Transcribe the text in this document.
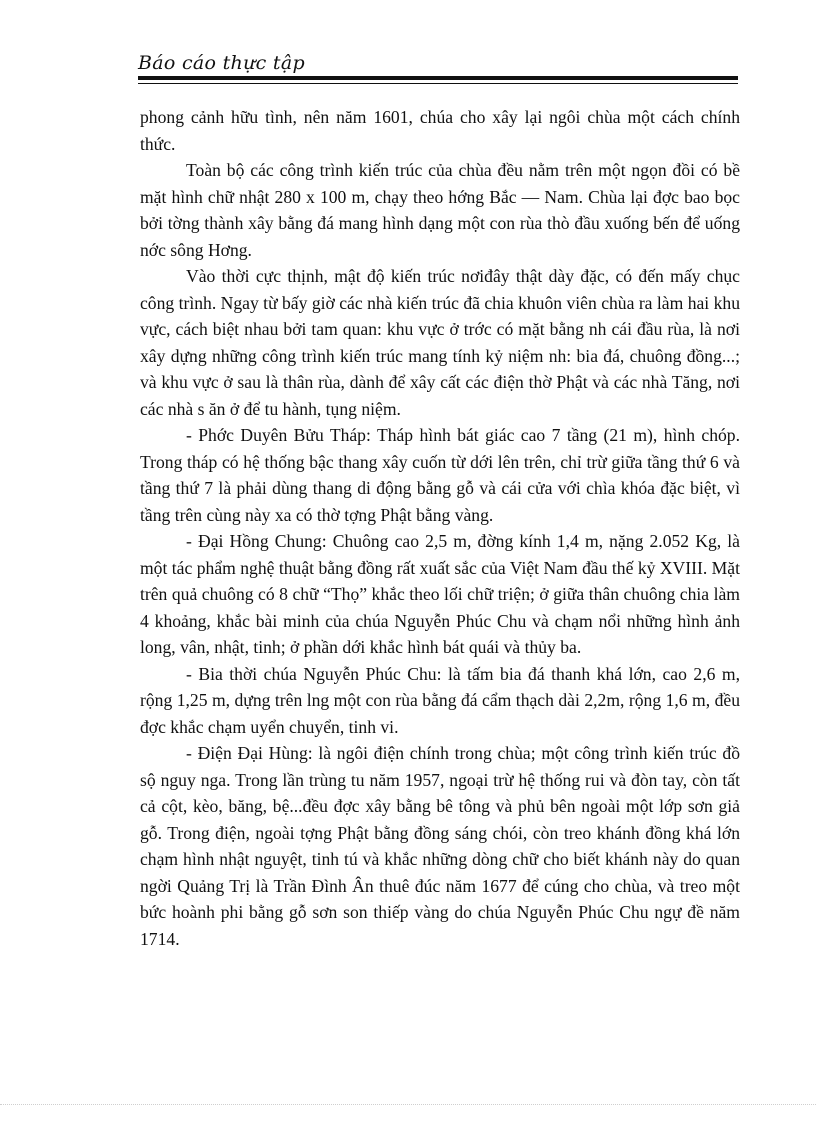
Báo cáo thực tập

phong cảnh hữu tình, nên năm 1601, chúa cho xây lại ngôi chùa một cách chính thức.

Toàn bộ các công trình kiến trúc của chùa đều nằm trên một ngọn đồi có bề mặt hình chữ nhật 280 x 100 m, chạy theo hớng Bắc — Nam. Chùa lại đợc bao bọc bởi tờng thành xây bằng đá mang hình dạng một con rùa thò đầu xuống bến để uống nớc sông Hơng.

Vào thời cực thịnh, mật độ kiến trúc nơiđây thật dày đặc, có đến mấy chục công trình. Ngay từ bấy giờ các nhà kiến trúc đã chia khuôn viên chùa ra làm hai khu vực, cách biệt nhau bởi tam quan: khu vực ở trớc có mặt bằng nh cái đầu rùa, là nơi xây dựng những công trình kiến trúc mang tính kỷ niệm nh: bia đá, chuông đồng...; và khu vực ở sau là thân rùa, dành để xây cất các điện thờ Phật và các nhà Tăng, nơi các nhà s ăn ở để tu hành, tụng niệm.

- Phớc Duyên Bửu Tháp: Tháp hình bát giác cao 7 tầng (21 m), hình chóp. Trong tháp có hệ thống bậc thang xây cuốn từ dới lên trên, chỉ trừ giữa tầng thứ 6 và tầng thứ 7 là phải dùng thang di động bằng gỗ và cái cửa với chìa khóa đặc biệt, vì tầng trên cùng này xa có thờ tợng Phật bằng vàng.

- Đại Hồng Chung: Chuông cao 2,5 m, đờng kính 1,4 m, nặng 2.052 Kg, là một tác phẩm nghệ thuật bằng đồng rất xuất sắc của Việt Nam đầu thế kỷ XVIII. Mặt trên quả chuông có 8 chữ “Thọ” khắc theo lối chữ triện; ở giữa thân chuông chia làm 4 khoảng, khắc bài minh của chúa Nguyễn Phúc Chu và chạm nổi những hình ảnh long, vân, nhật, tinh; ở phần dới khắc hình bát quái và thủy ba.

- Bia thời chúa Nguyễn Phúc Chu: là tấm bia đá thanh khá lớn, cao 2,6 m, rộng 1,25 m, dựng trên lng một con rùa bằng đá cẩm thạch dài 2,2m, rộng 1,6 m, đều đợc khắc chạm uyển chuyển, tinh vi.

- Điện Đại Hùng: là ngôi điện chính trong chùa; một công trình kiến trúc đồ sộ nguy nga. Trong lần trùng tu năm 1957, ngoại trừ hệ thống rui và đòn tay, còn tất cả cột, kèo, băng, bệ...đều đợc xây bằng bê tông và phủ bên ngoài một lớp sơn giả gỗ. Trong điện, ngoài tợng Phật bằng đồng sáng chói, còn treo khánh đồng khá lớn chạm hình nhật nguyệt, tinh tú và khắc những dòng chữ cho biết khánh này do quan ngời Quảng Trị là Trần Đình Ân thuê đúc năm 1677 để cúng cho chùa, và treo một bức hoành phi bằng gỗ sơn son thiếp vàng do chúa Nguyễn Phúc Chu ngự đề năm 1714.
